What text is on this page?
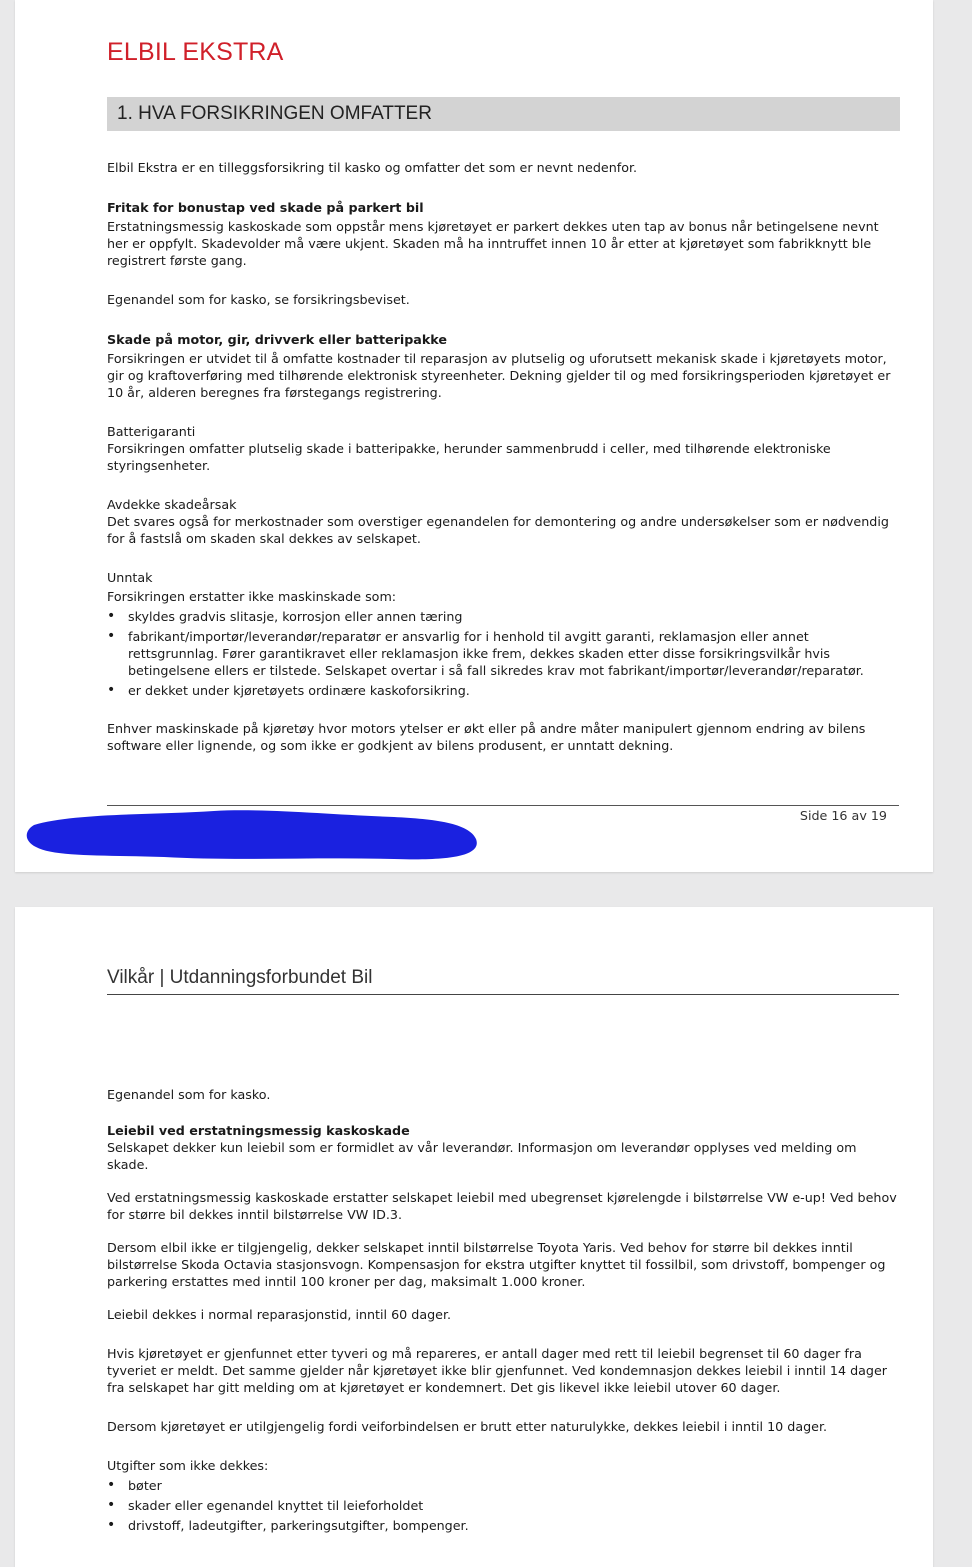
ELBIL EKSTRA
1. HVA FORSIKRINGEN OMFATTER

Elbil Ekstra er en tilleggsforsikring til kasko og omfatter det som er nevnt nedenfor.

Fritak for bonustap ved skade på parkert bil

Erstatningsmessig kaskoskade som oppstår mens kjøretøyet er parkert dekkes uten tap av bonus når betingelsene nevnt
her er oppfylt. Skadevolder må være ukjent. Skaden må ha inntruffet innen 10 år etter at kjøretøyet som fabrikknytt ble
registrert første gang.

Egenandel som for kasko, se forsikringsbeviset.

Skade på motor, gir, drivverk eller batteripakke

Forsikringen er utvidet til å omfatte kostnader til reparasjon av plutselig og uforutsett mekanisk skade i kjøretøyets motor,
gir og kraftoverføring med tilhørende elektronisk styreenheter. Dekning gjelder til og med forsikringsperioden kjøretøyet er
10 år, alderen beregnes fra førstegangs registrering.

Batterigaranti

Forsikringen omfatter plutselig skade i batteripakke, herunder sammenbrudd i celler, med tilhørende elektroniske
styringsenheter.

Avdekke skadeårsak

Det svares også for merkostnader som overstiger egenandelen for demontering og andre undersøkelser som er nødvendig
for å fastslå om skaden skal dekkes av selskapet.

Unntak

Forsikringen erstatter ikke maskinskade som:

• skyldes gradvis slitasje, korrosjon eller annen tæring
• fabrikant/importør/leverandør/reparatør er ansvarlig for i henhold til avgitt garanti, reklamasjon eller annet
rettsgrunnlag. Fører garantikravet eller reklamasjon ikke frem, dekkes skaden etter disse forsikringsvilkår hvis
betingelsene ellers er tilstede. Selskapet overtar i så fall sikredes krav mot fabrikant/importør/leverandør/reparatør.
• er dekket under kjøretøyets ordinære kaskoforsikring.

Enhver maskinskade på kjøretøy hvor motors ytelser er økt eller på andre måter manipulert gjennom endring av bilens
software eller lignende, og som ikke er godkjent av bilens produsent, er unntatt dekning.

Side 16 av 19
Vilkår | Utdanningsforbundet Bil

Egenandel som for kasko.

Leiebil ved erstatningsmessig kaskoskade

Selskapet dekker kun leiebil som er formidlet av vår leverandør. Informasjon om leverandør opplyses ved melding om
skade.

Ved erstatningsmessig kaskoskade erstatter selskapet leiebil med ubegrenset kjørelengde i bilstørrelse VW e-up! Ved behov
for større bil dekkes inntil bilstørrelse VW ID.3.

Dersom elbil ikke er tilgjengelig, dekker selskapet inntil bilstørrelse Toyota Yaris. Ved behov for større bil dekkes inntil
bilstørrelse Skoda Octavia stasjonsvogn. Kompensasjon for ekstra utgifter knyttet til fossilbil, som drivstoff, bompenger og
parkering erstattes med inntil 100 kroner per dag, maksimalt 1.000 kroner.

Leiebil dekkes i normal reparasjonstid, inntil 60 dager.

Hvis kjøretøyet er gjenfunnet etter tyveri og må repareres, er antall dager med rett til leiebil begrenset til 60 dager fra
tyveriet er meldt. Det samme gjelder når kjøretøyet ikke blir gjenfunnet. Ved kondemnasjon dekkes leiebil i inntil 14 dager
fra selskapet har gitt melding om at kjøretøyet er kondemnert. Det gis likevel ikke leiebil utover 60 dager.

Dersom kjøretøyet er utilgjengelig fordi veiforbindelsen er brutt etter naturulykke, dekkes leiebil i inntil 10 dager.

Utgifter som ikke dekkes:

• bøter
• skader eller egenandel knyttet til leieforholdet
• drivstoff, ladeutgifter, parkeringsutgifter, bompenger.
